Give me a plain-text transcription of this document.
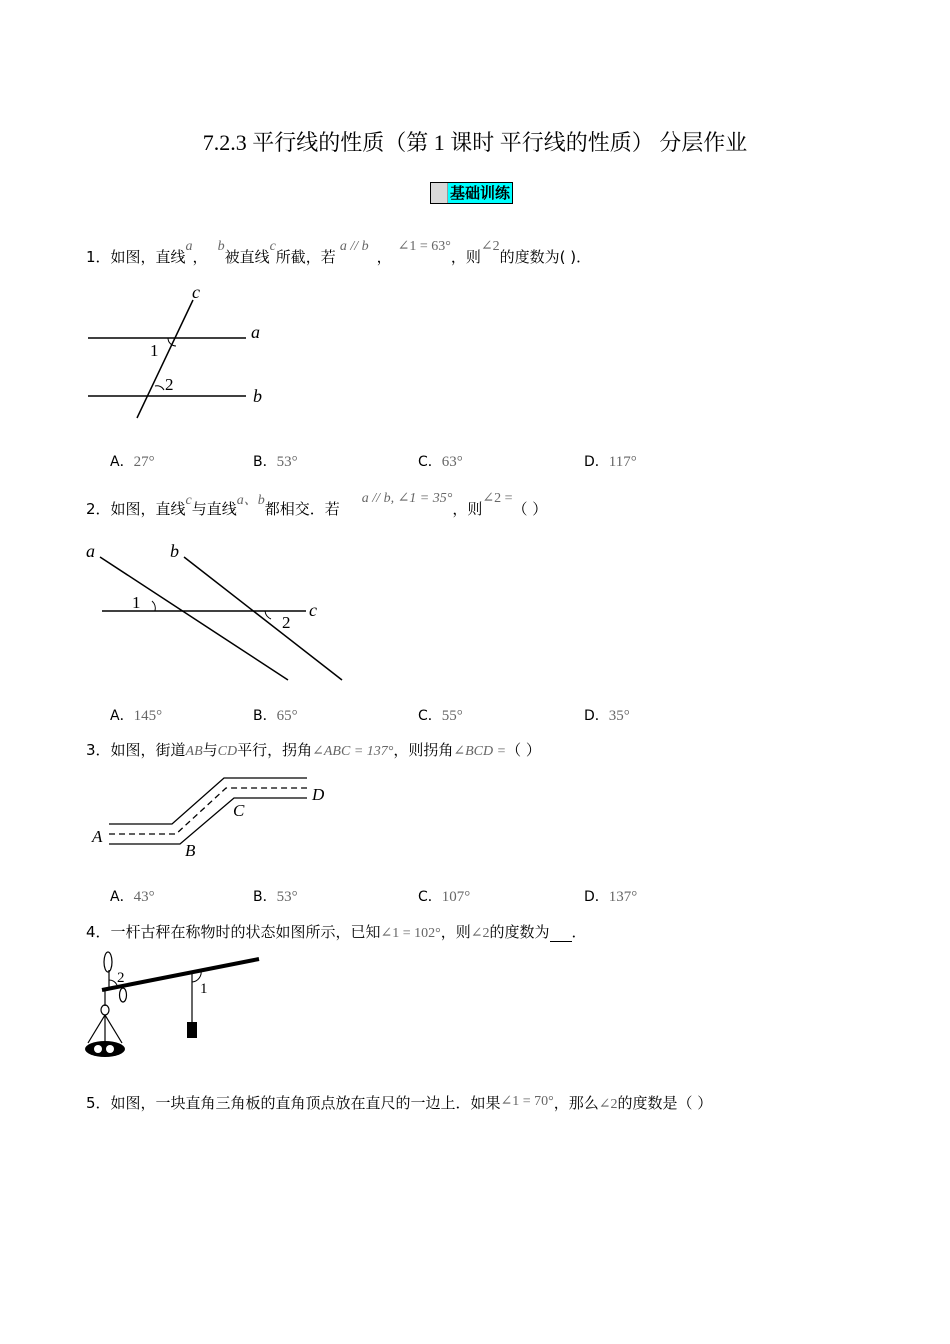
7.2.3 平行线的性质（第 1 课时 平行线的性质） 分层作业
基础训练
1．如图，直线a，b被直线c所截，若a // b，∠1 = 63°，则∠2的度数为( )．
c
a
b
1
2
A．27°	B．53°	C．63°	D．117°
2．如图，直线c与直线a、b都相交．若a // b, ∠1 = 35°，则∠2 =（ ）
a	b
c
1
2
A．145°	B．65°	C．55°	D．35°
3．如图，街道AB与CD平行，拐角∠ABC = 137°，则拐角∠BCD =（ ）
A
B
C
D
A．43°	B．53°	C．107°	D．137°
4．一杆古秤在称物时的状态如图所示，已知∠1 = 102°，则∠2的度数为 ．
2
1
5．如图，一块直角三角板的直角顶点放在直尺的一边上．如果∠1 = 70°，那么∠2的度数是（ ）
